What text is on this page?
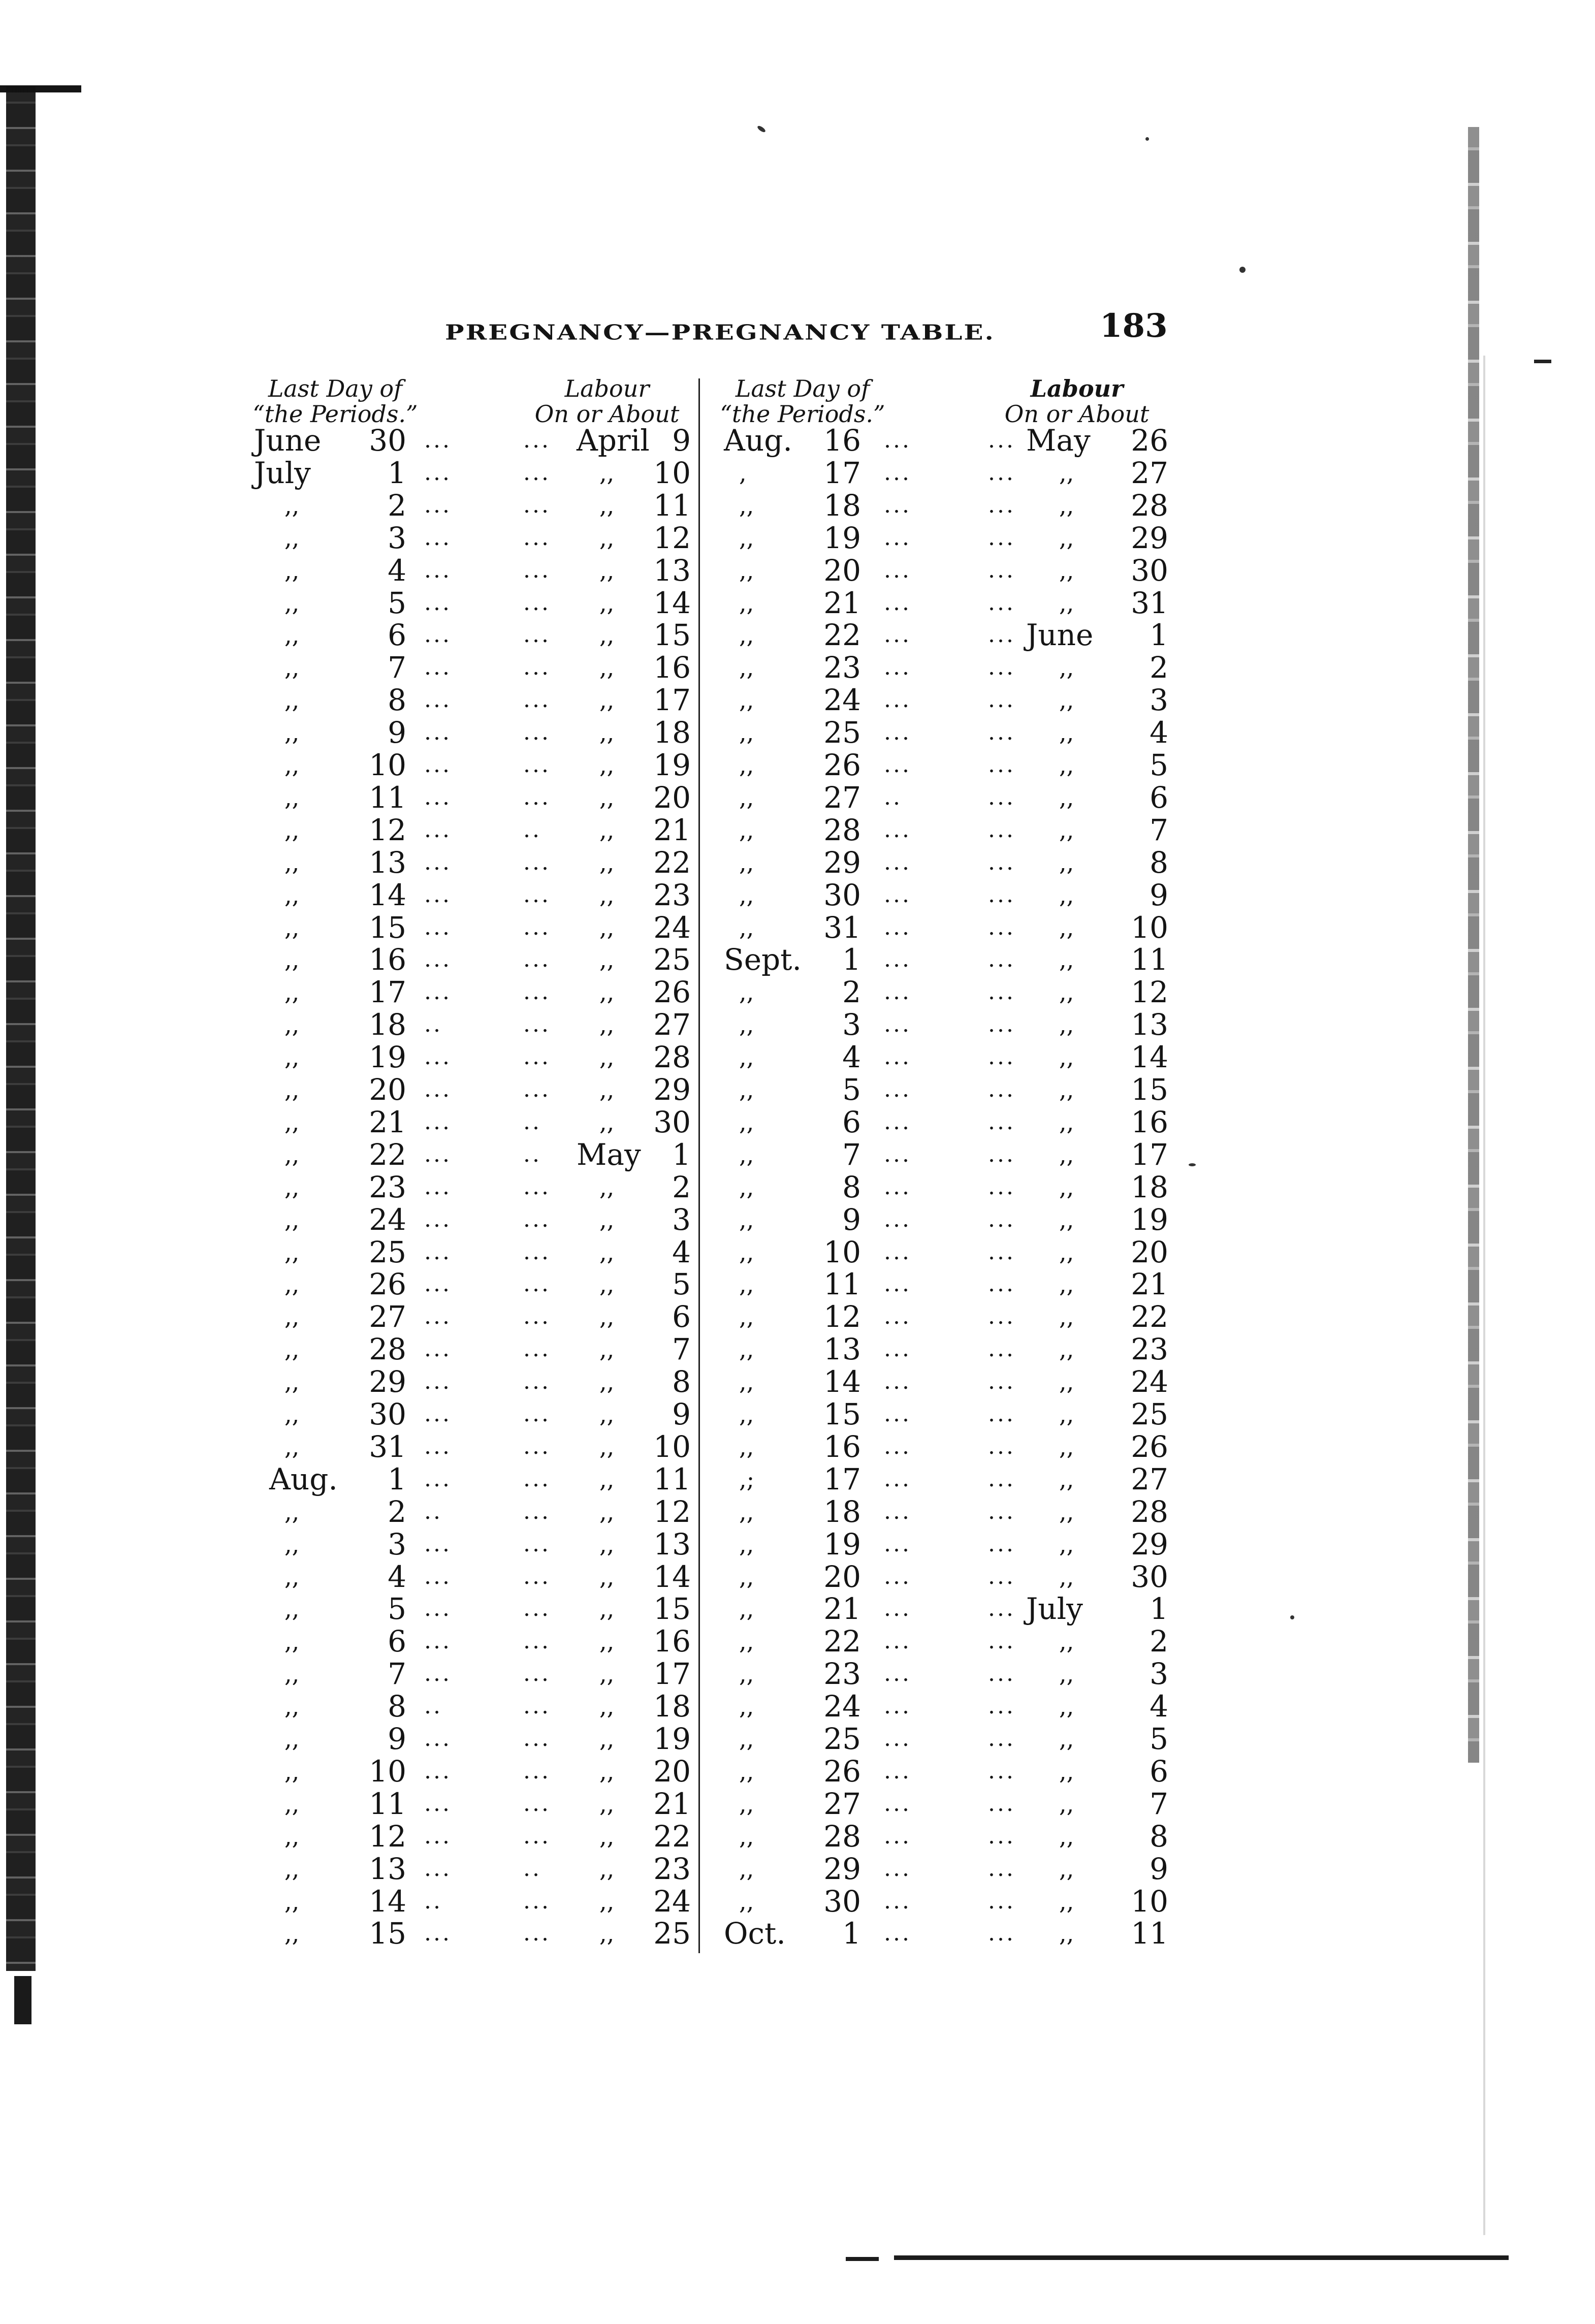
PREGNANCY—PREGNANCY TABLE.	183
Last Day of
“the Periods.”
Labour
On or About
Last Day of
“the Periods.”
Labour
On or About
June	30 ...	... April 9 Aug.	16 ...	... May	26
July	1 ...	... ,,	10 ,	17 ...	... ,,	27
,,	2 ...	... ,,	11 ,,	18 ...	... ,,	28
,,	3 ...	... ,,	12 ,,	19 ...	... ,,	29
,,	4 ...	... ,,	13 ,,	20 ...	... ,,	30
,,	5 ...	... ,,	14 ,,	21 ...	... ,,	31
,,	6 ...	... ,,	15 ,,	22 ...	... June	1
,,	7 ...	... ,,	16 ,,	23 ...	... ,,	2
,,	8 ...	... ,,	17 ,,	24 ...	... ,,	3
,,	9 ...	... ,,	18 ,,	25 ...	... ,,	4
,,	10 ...	... ,,	19 ,,	26 ...	... ,,	5
,,	11 ...	... ,,	20 ,,	27 ..	... ,,	6
,,	12 ...	.. ,,	21 ,,	28 ...	... ,,	7
,,	13 ...	... ,,	22 ,,	29 ...	... ,,	8
,,	14 ...	... ,,	23 ,,	30 ...	... ,,	9
,,	15 ...	... ,,	24 ,,	31 ...	... ,,	10
,,	16 ...	... ,,	25 Sept.	1 ...	... ,,	11
,,	17 ...	... ,,	26 ,,	2 ...	... ,,	12
,,	18 ..	... ,,	27 ,,	3 ...	... ,,	13
,,	19 ...	... ,,	28 ,,	4 ...	... ,,	14
,,	20 ...	... ,,	29 ,,	5 ...	... ,,	15
,,	21 ...	.. ,,	30 ,,	6 ...	... ,,	16
,,	22 ...	.. May	1 ,,	7 ...	... ,,	17
,,	23 ...	... ,,	2 ,,	8 ...	... ,,	18
,,	24 ...	... ,,	3 ,,	9 ...	... ,,	19
,,	25 ...	... ,,	4 ,,	10 ...	... ,,	20
,,	26 ...	... ,,	5 ,,	11 ...	... ,,	21
,,	27 ...	... ,,	6 ,,	12 ...	... ,,	22
,,	28 ...	... ,,	7 ,,	13 ...	... ,,	23
,,	29 ...	... ,,	8 ,,	14 ...	... ,,	24
,,	30 ...	... ,,	9 ,,	15 ...	... ,,	25
,,	31 ...	... ,,	10 ,,	16 ...	... ,,	26
Aug.	1 ...	... ,,	11 ,;	17 ...	... ,,	27
,,	2 ..	... ,,	12 ,,	18 ...	... ,,	28
,,	3 ...	... ,,	13 ,,	19 ...	... ,,	29
,,	4 ...	... ,,	14 ,,	20 ...	... ,,	30
,,	5 ...	... ,,	15 ,,	21 ...	... July	1
,,	6 ...	... ,,	16 ,,	22 ...	... ,,	2
,,	7 ...	... ,,	17 ,,	23 ...	... ,,	3
,,	8 ..	... ,,	18 ,,	24 ...	... ,,	4
,,	9 ...	... ,,	19 ,,	25 ...	... ,,	5
,,	10 ...	... ,,	20 ,,	26 ...	... ,,	6
,,	11 ...	... ,,	21 ,,	27 ...	... ,,	7
,,	12 ...	... ,,	22 ,,	28 ...	... ,,	8
,,	13 ...	.. ,,	23 ,,	29 ...	... ,,	9
,,	14 ..	... ,,	24 ,,	30 ...	... ,,	10
,,	15 ...	... ,,	25 Oct.	1 ...	... ,,	11
